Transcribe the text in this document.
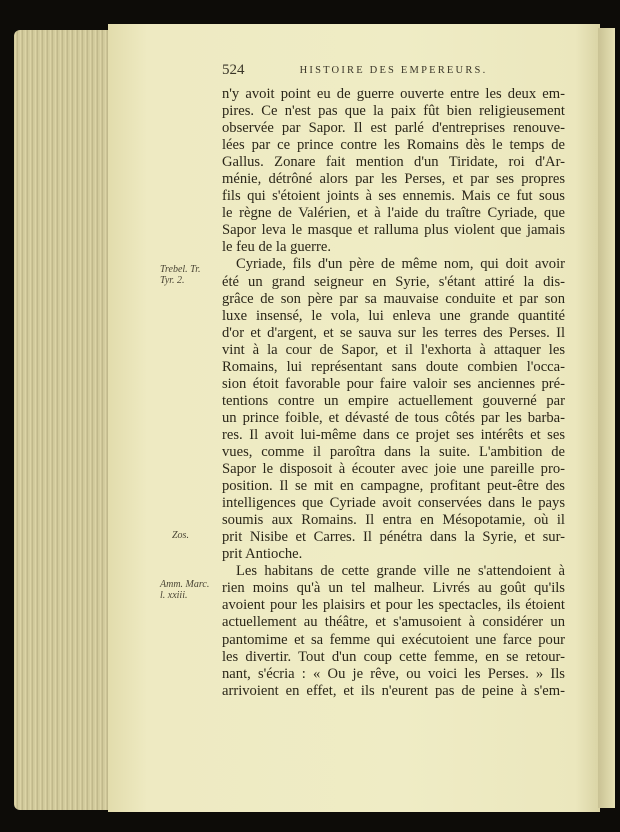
524	HISTOIRE DES EMPEREURS.
n'y avoit point eu de guerre ouverte entre les deux em-
pires. Ce n'est pas que la paix fût bien religieusement
observée par Sapor. Il est parlé d'entreprises renouve-
lées par ce prince contre les Romains dès le temps de
Gallus. Zonare fait mention d'un Tiridate, roi d'Ar-
ménie, détrôné alors par les Perses, et par ses propres
fils qui s'étoient joints à ses ennemis. Mais ce fut sous
le règne de Valérien, et à l'aide du traître Cyriade, que
Sapor leva le masque et ralluma plus violent que jamais
le feu de la guerre.
Cyriade, fils d'un père de même nom, qui doit avoir
été un grand seigneur en Syrie, s'étant attiré la dis-
grâce de son père par sa mauvaise conduite et par son
luxe insensé, le vola, lui enleva une grande quantité
d'or et d'argent, et se sauva sur les terres des Perses. Il
vint à la cour de Sapor, et il l'exhorta à attaquer les
Romains, lui représentant sans doute combien l'occa-
sion étoit favorable pour faire valoir ses anciennes pré-
tentions contre un empire actuellement gouverné par
un prince foible, et dévasté de tous côtés par les barba-
res. Il avoit lui-même dans ce projet ses intérêts et ses
vues, comme il paroîtra dans la suite. L'ambition de
Sapor le disposoit à écouter avec joie une pareille pro-
position. Il se mit en campagne, profitant peut-être des
intelligences que Cyriade avoit conservées dans le pays
soumis aux Romains. Il entra en Mésopotamie, où il
prit Nisibe et Carres. Il pénétra dans la Syrie, et sur-
prit Antioche.
Les habitans de cette grande ville ne s'attendoient à
rien moins qu'à un tel malheur. Livrés au goût qu'ils
avoient pour les plaisirs et pour les spectacles, ils étoient
actuellement au théâtre, et s'amusoient à considérer un
pantomime et sa femme qui exécutoient une farce pour
les divertir. Tout d'un coup cette femme, en se retour-
nant, s'écria : « Ou je rêve, ou voici les Perses. » Ils
arrivoient en effet, et ils n'eurent pas de peine à s'em-
Trebel. Tr.
Tyr. 2.
Zos.
Amm. Marc.
l. xxiii.
